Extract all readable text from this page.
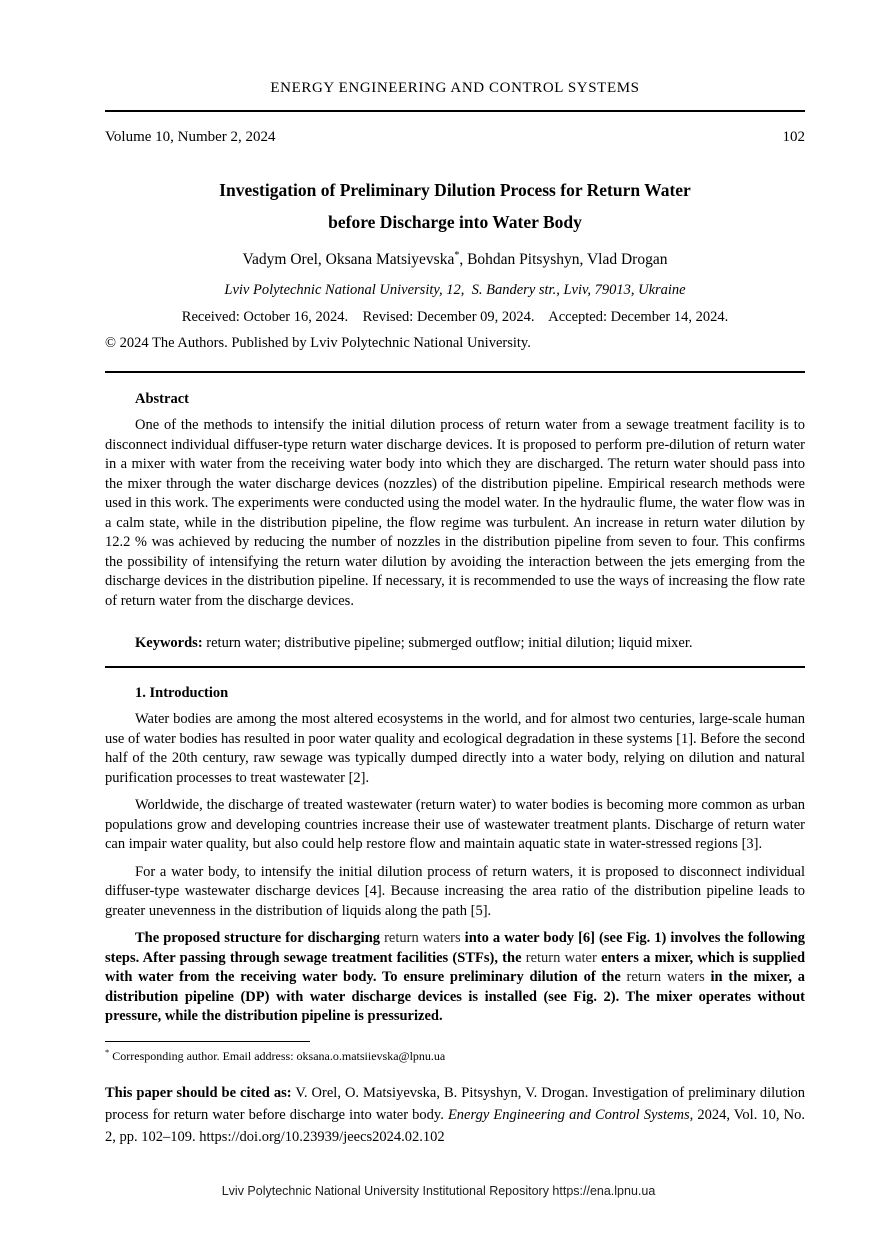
ENERGY ENGINEERING AND CONTROL SYSTEMS
Volume 10, Number 2, 2024	102
Investigation of Preliminary Dilution Process for Return Water
before Discharge into Water Body
Vadym Orel, Oksana Matsiyevska*, Bohdan Pitsyshyn, Vlad Drogan
Lviv Polytechnic National University, 12,  S. Bandery str., Lviv, 79013, Ukraine
Received: October 16, 2024.    Revised: December 09, 2024.    Accepted: December 14, 2024.
© 2024 The Authors. Published by Lviv Polytechnic National University.
Abstract

One of the methods to intensify the initial dilution process of return water from a sewage treatment facility is to disconnect individual diffuser-type return water discharge devices. It is proposed to perform pre-dilution of return water in a mixer with water from the receiving water body into which they are discharged. The return water should pass into the mixer through the water discharge devices (nozzles) of the distribution pipeline. Empirical research methods were used in this work. The experiments were conducted using the model water. In the hydraulic flume, the water flow was in a calm state, while in the distribution pipeline, the flow regime was turbulent. An increase in return water dilution by 12.2 % was achieved by reducing the number of nozzles in the distribution pipeline from seven to four. This confirms the possibility of intensifying the return water dilution by avoiding the interaction between the jets emerging from the discharge devices in the distribution pipeline. If necessary, it is recommended to use the ways of increasing the flow rate of return water from the discharge devices.

Keywords: return water; distributive pipeline; submerged outflow; initial dilution; liquid mixer.

1. Introduction

Water bodies are among the most altered ecosystems in the world, and for almost two centuries, large-scale human use of water bodies has resulted in poor water quality and ecological degradation in these systems [1]. Before the second half of the 20th century, raw sewage was typically dumped directly into a water body, relying on dilution and natural purification processes to treat wastewater [2].

Worldwide, the discharge of treated wastewater (return water) to water bodies is becoming more common as urban populations grow and developing countries increase their use of wastewater treatment plants. Discharge of return water can impair water quality, but also could help restore flow and maintain aquatic state in water-stressed regions [3].

For a water body, to intensify the initial dilution process of return waters, it is proposed to disconnect individual diffuser-type wastewater discharge devices [4]. Because increasing the area ratio of the distribution pipeline leads to greater unevenness in the distribution of liquids along the path [5].

The proposed structure for discharging return waters into a water body [6] (see Fig. 1) involves the following steps. After passing through sewage treatment facilities (STFs), the return water enters a mixer, which is supplied with water from the receiving water body. To ensure preliminary dilution of the return waters in the mixer, a distribution pipeline (DP) with water discharge devices is installed (see Fig. 2). The mixer operates without pressure, while the distribution pipeline is pressurized.

* Corresponding author. Email address: oksana.o.matsiievska@lpnu.ua

This paper should be cited as: V. Orel, O. Matsiyevska, B. Pitsyshyn, V. Drogan. Investigation of preliminary dilution process for return water before discharge into water body. Energy Engineering and Control Systems, 2024, Vol. 10, No. 2, pp. 102–109. https://doi.org/10.23939/jeecs2024.02.102

Lviv Polytechnic National University Institutional Repository https://ena.lpnu.ua
